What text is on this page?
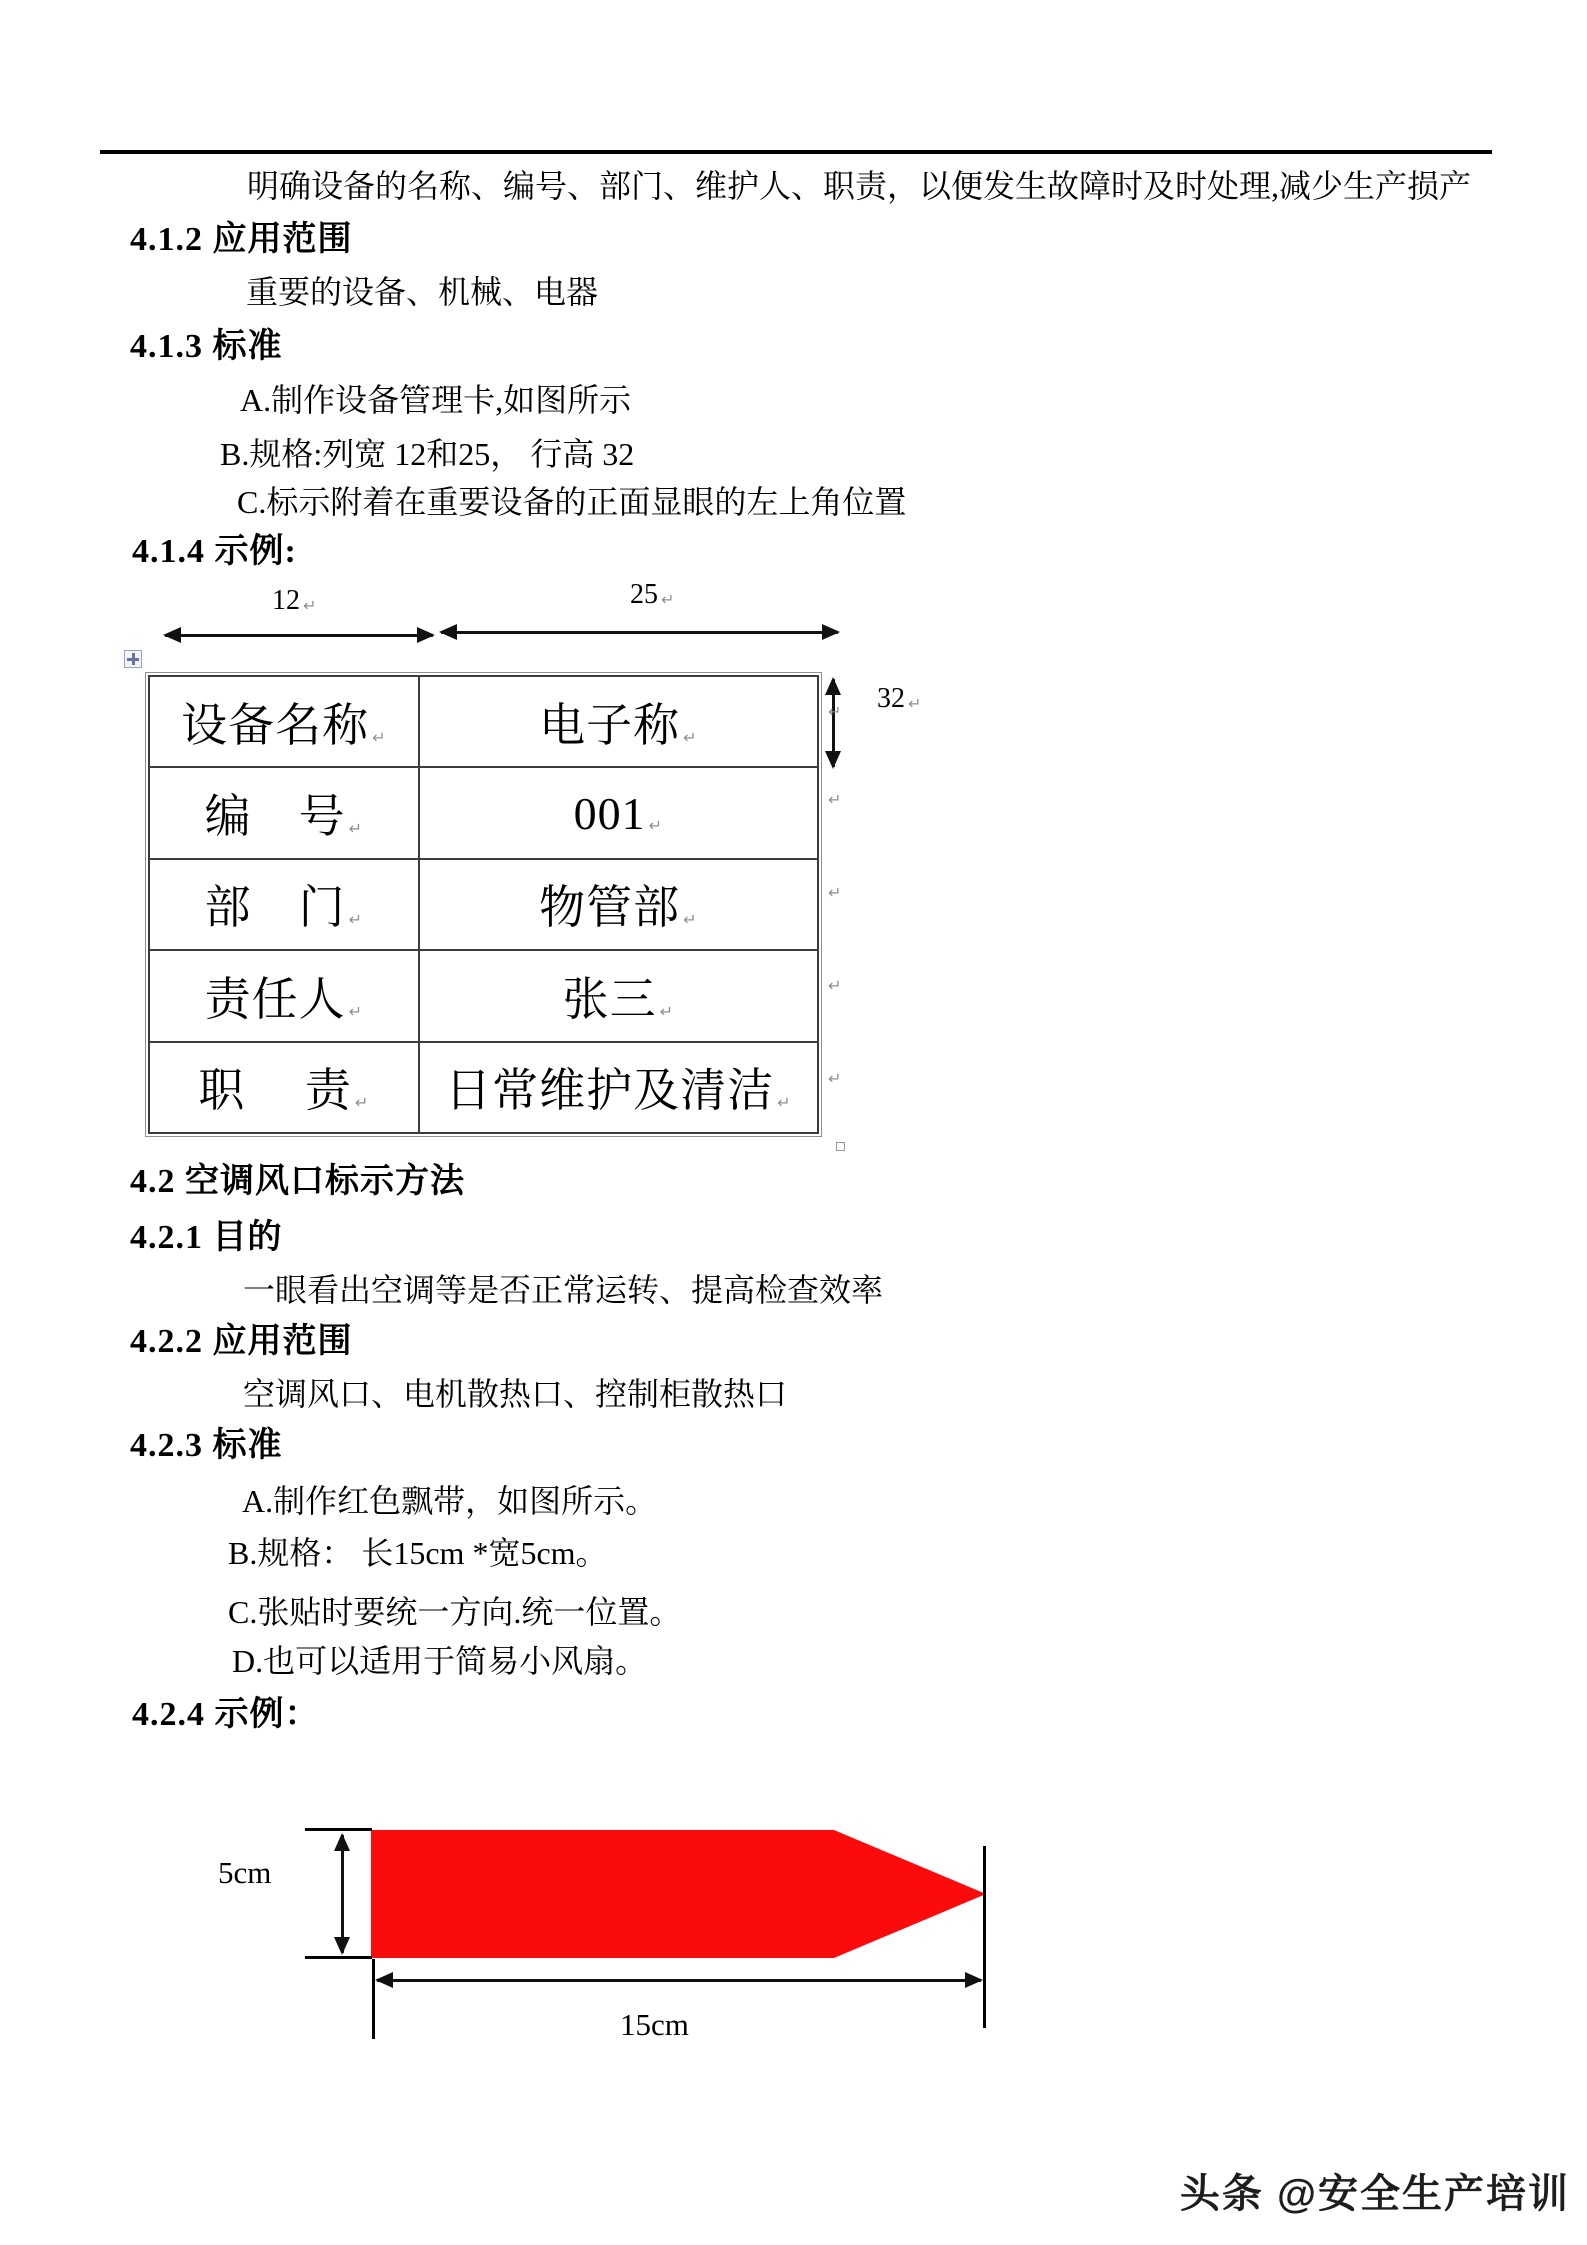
明确设备的名称、编号、部门、维护人、职责，以便发生故障时及时处理,减少生产损产
4.1.2 应用范围
重要的设备、机械、电器
4.1.3 标准
A.制作设备管理卡,如图所示
B.规格:列宽 12和25， 行高 32
C.标示附着在重要设备的正面显眼的左上角位置
4.1.4 示例:
12 ↵	25 ↵
设备名称 ↵	电子称 ↵
编　号 ↵	001 ↵
部　门 ↵	物管部 ↵
责任人 ↵	张三 ↵
职　 责 ↵	日常维护及清洁 ↵
32 ↵
↵
↵
↵
↵
↵
4.2 空调风口标示方法
4.2.1 目的
一眼看出空调等是否正常运转、提高检查效率
4.2.2 应用范围
空调风口、电机散热口、控制柜散热口
4.2.3 标准
A.制作红色飘带，如图所示。
B.规格： 长15cm *宽5cm。
C.张贴时要统一方向.统一位置。
D.也可以适用于简易小风扇。
4.2.4 示例：
5cm
15cm
头条 @安全生产培训
